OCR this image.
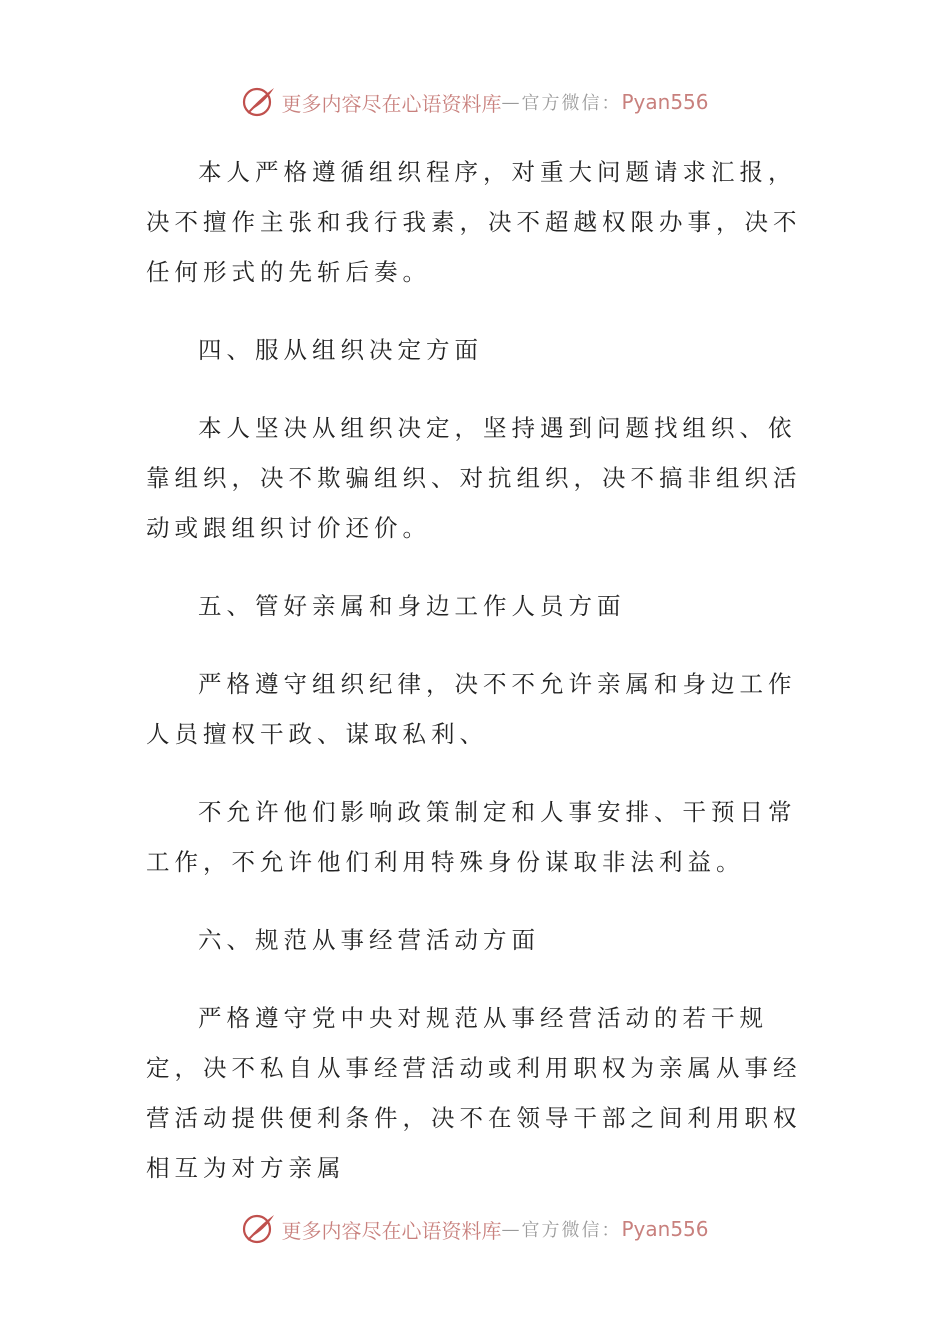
更多内容尽在心语资料库 — 官方微信： Pyan556

本人严格遵循组织程序，对重大问题请求汇报，决不擅作主张和我行我素，决不超越权限办事，决不任何形式的先斩后奏。

四、服从组织决定方面

本人坚决从组织决定，坚持遇到问题找组织、依靠组织，决不欺骗组织、对抗组织，决不搞非组织活动或跟组织讨价还价。

五、管好亲属和身边工作人员方面

严格遵守组织纪律，决不不允许亲属和身边工作人员擅权干政、谋取私利、

不允许他们影响政策制定和人事安排、干预日常工作，不允许他们利用特殊身份谋取非法利益。

六、规范从事经营活动方面

严格遵守党中央对规范从事经营活动的若干规定，决不私自从事经营活动或利用职权为亲属从事经营活动提供便利条件，决不在领导干部之间利用职权相互为对方亲属

更多内容尽在心语资料库 — 官方微信： Pyan556
